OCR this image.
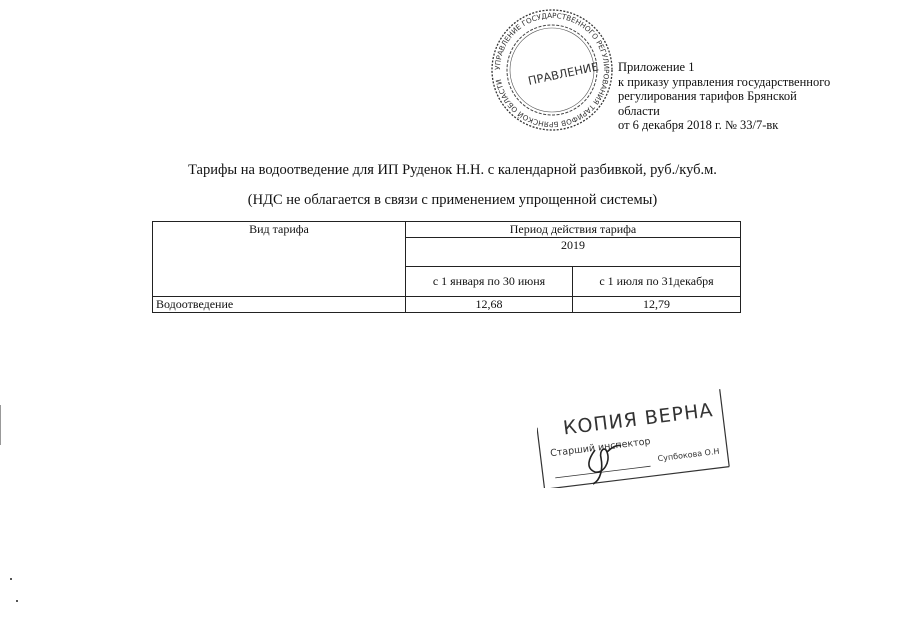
УПРАВЛЕНИЕ ГОСУДАРСТВЕННОГО РЕГУЛИРОВАНИЯ ТАРИФОВ БРЯНСКОЙ ОБЛАСТИ	ПРАВЛЕНИЕ Приложение 1
к приказу управления государственного
регулирования тарифов Брянской
области
от 6 декабря 2018 г. № 33/7-вк
Тарифы на водоотведение для ИП Руденок Н.Н. с календарной разбивкой, руб./куб.м.
(НДС не облагается в связи с применением упрощенной системы)
Вид тарифа	Период действия тарифа	
	2019	
	с 1 января по 30 июня	с 1 июля по 31декабря
Водоотведение	12,68	12,79
КОПИЯ ВЕРНА
Старший инспектор Супбокова О.Н
